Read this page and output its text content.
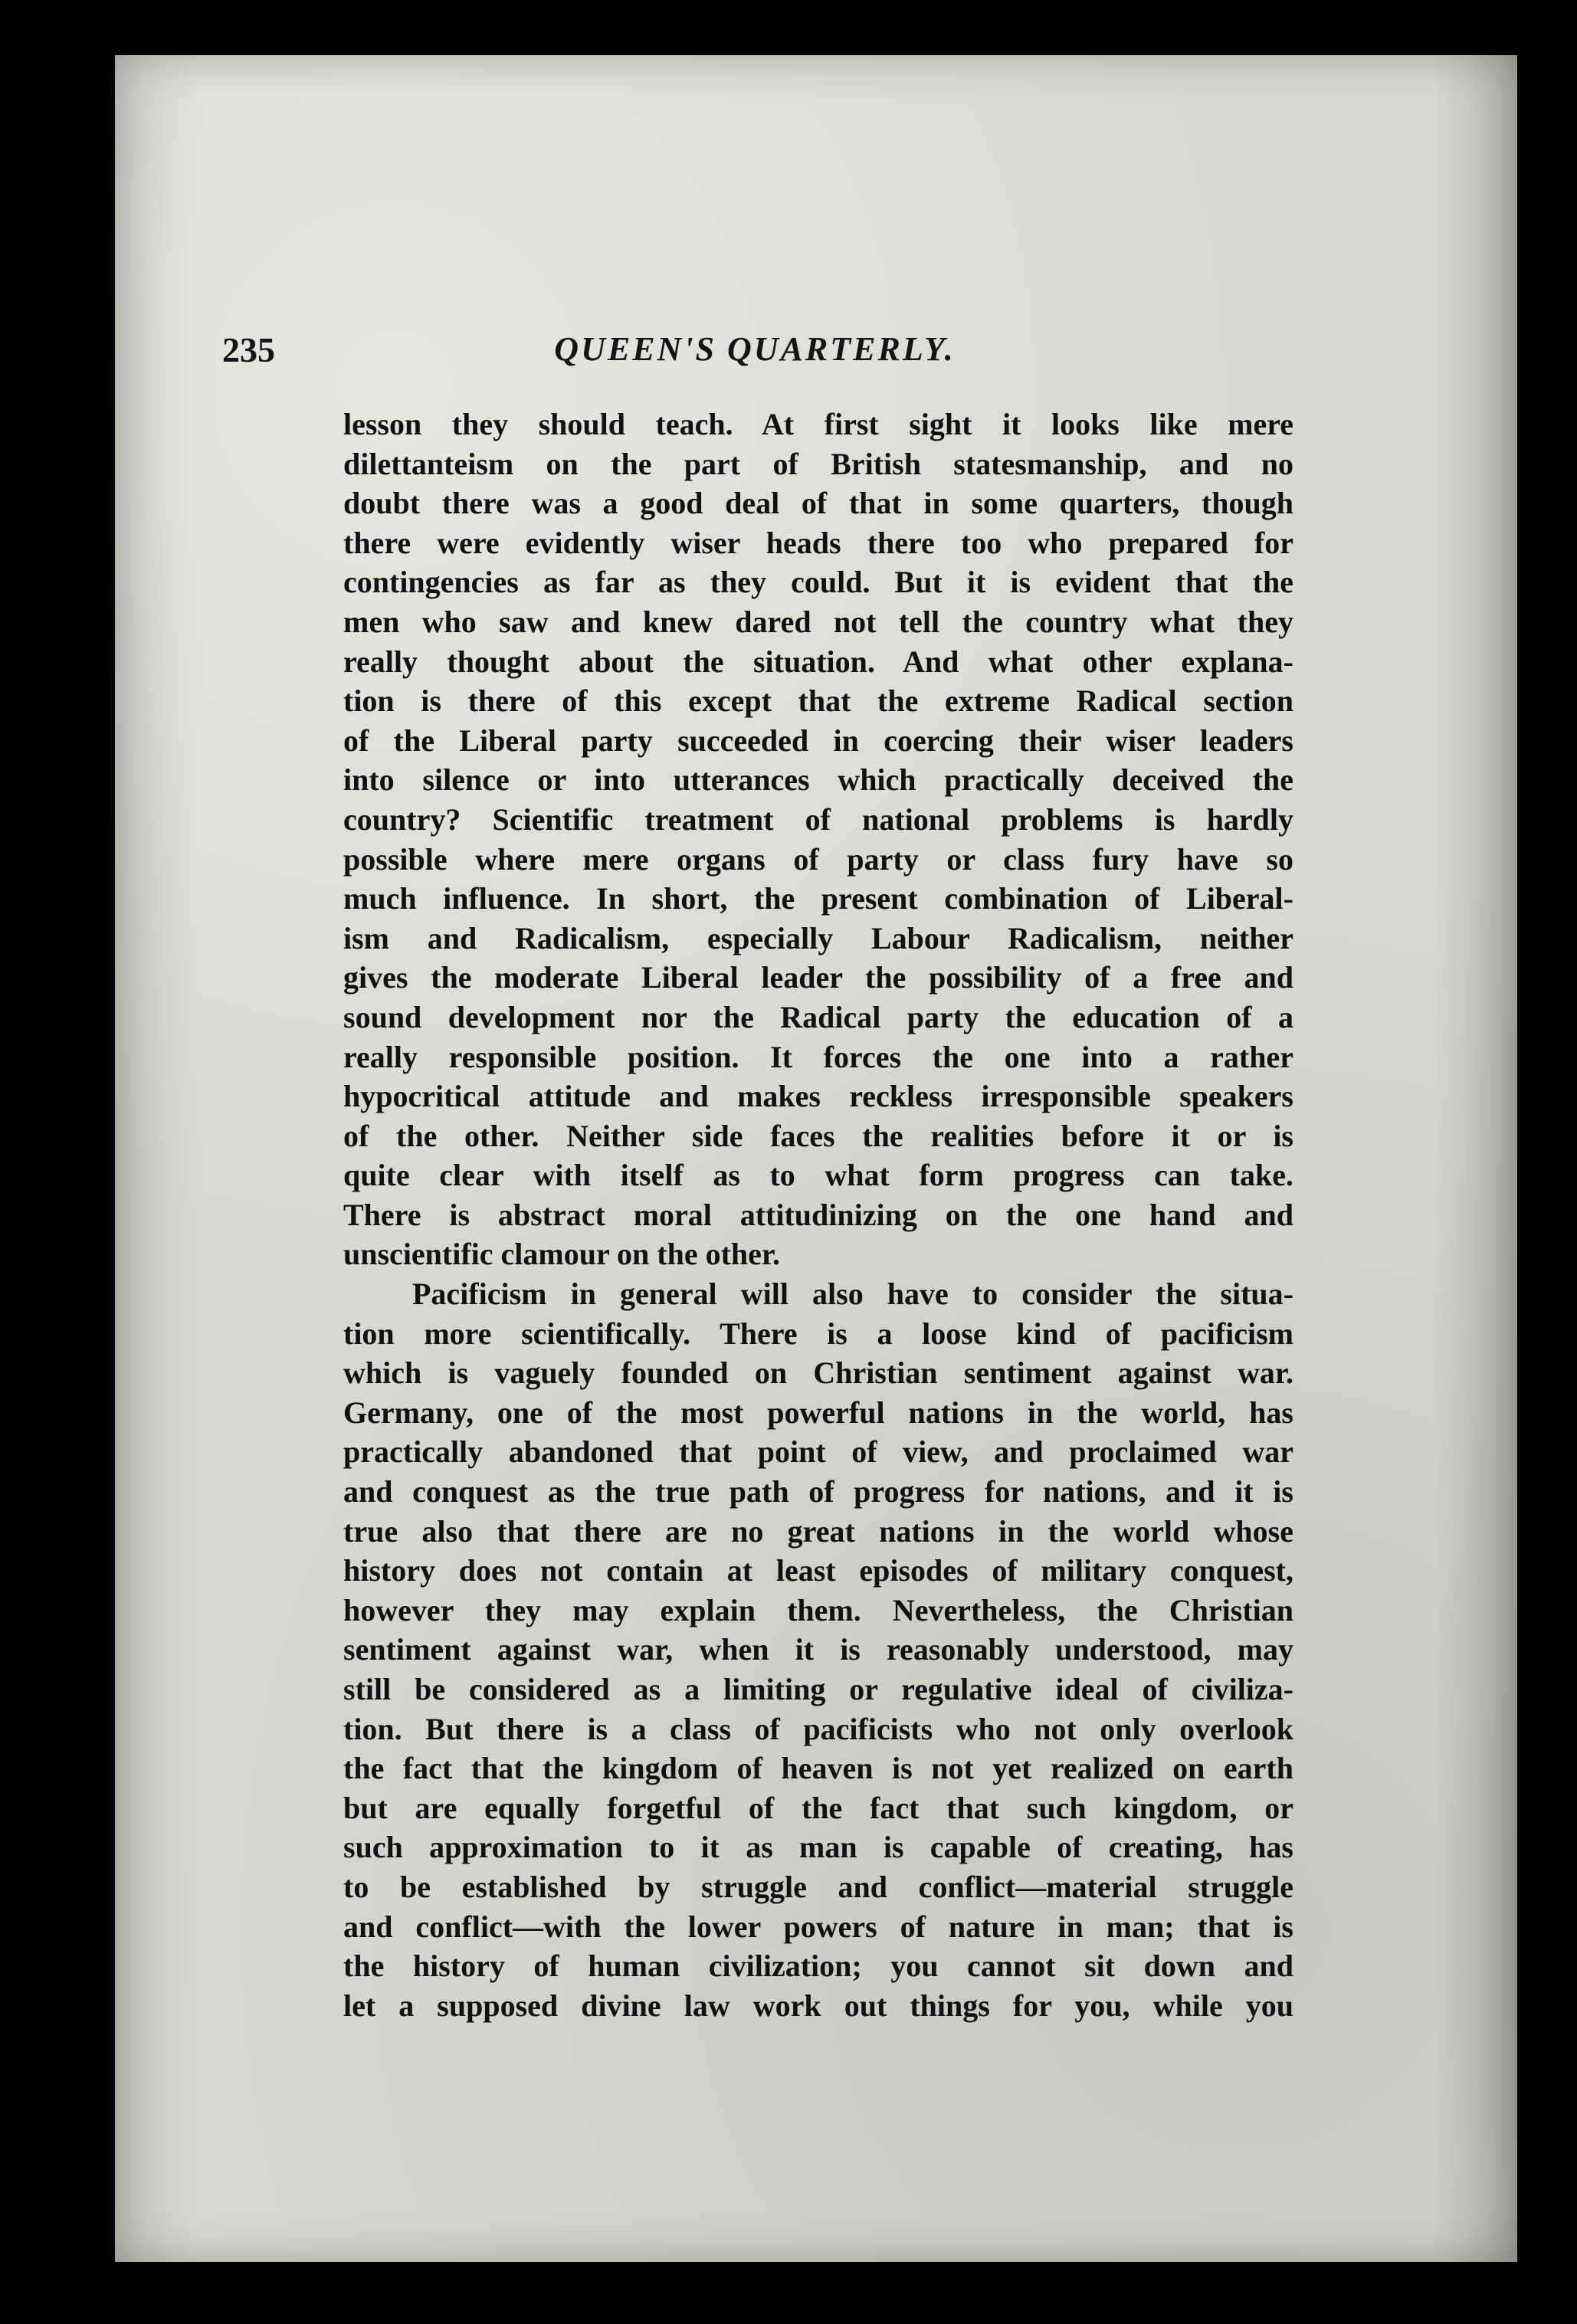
235	QUEEN'S QUARTERLY.
lesson they should teach. At first sight it looks like mere
dilettanteism on the part of British statesmanship, and no
doubt there was a good deal of that in some quarters, though
there were evidently wiser heads there too who prepared for
contingencies as far as they could. But it is evident that the
men who saw and knew dared not tell the country what they
really thought about the situation. And what other explana-
tion is there of this except that the extreme Radical section
of the Liberal party succeeded in coercing their wiser leaders
into silence or into utterances which practically deceived the
country? Scientific treatment of national problems is hardly
possible where mere organs of party or class fury have so
much influence. In short, the present combination of Liberal-
ism and Radicalism, especially Labour Radicalism, neither
gives the moderate Liberal leader the possibility of a free and
sound development nor the Radical party the education of a
really responsible position. It forces the one into a rather
hypocritical attitude and makes reckless irresponsible speakers
of the other. Neither side faces the realities before it or is
quite clear with itself as to what form progress can take.
There is abstract moral attitudinizing on the one hand and
unscientific clamour on the other.
Pacificism in general will also have to consider the situa-
tion more scientifically. There is a loose kind of pacificism
which is vaguely founded on Christian sentiment against war.
Germany, one of the most powerful nations in the world, has
practically abandoned that point of view, and proclaimed war
and conquest as the true path of progress for nations, and it is
true also that there are no great nations in the world whose
history does not contain at least episodes of military conquest,
however they may explain them. Nevertheless, the Christian
sentiment against war, when it is reasonably understood, may
still be considered as a limiting or regulative ideal of civiliza-
tion. But there is a class of pacificists who not only overlook
the fact that the kingdom of heaven is not yet realized on earth
but are equally forgetful of the fact that such kingdom, or
such approximation to it as man is capable of creating, has
to be established by struggle and conflict—material struggle
and conflict—with the lower powers of nature in man; that is
the history of human civilization; you cannot sit down and
let a supposed divine law work out things for you, while you
